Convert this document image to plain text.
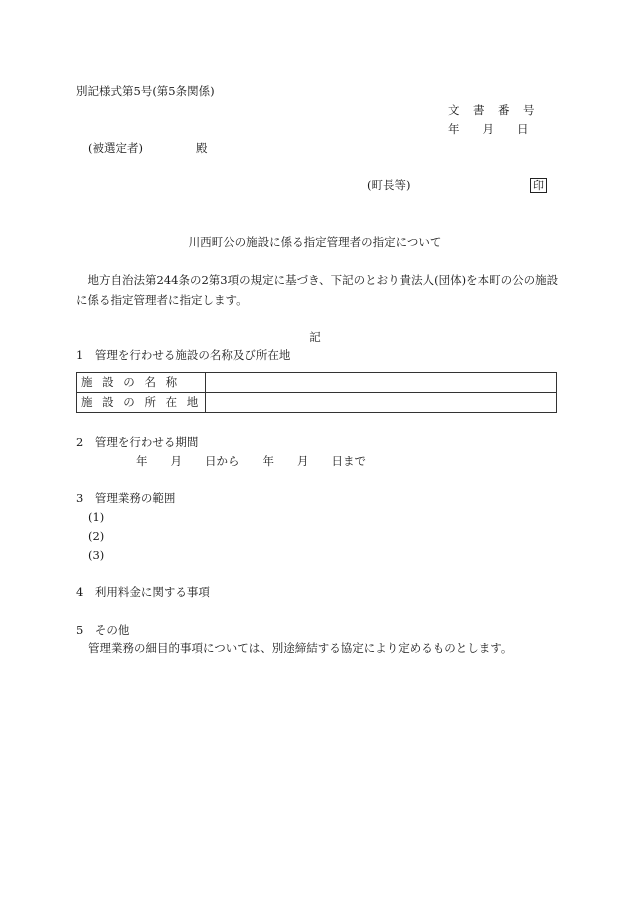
別記様式第5号(第5条関係)
文　書　番　号
年　　月　　日
(被選定者)	殿
(町長等)	印
川西町公の施設に係る指定管理者の指定について
　地方自治法第244条の2第3項の規定に基づき、下記のとおり貴法人(団体)を本町の公の施設に係る指定管理者に指定します。
記
1　管理を行わせる施設の名称及び所在地
施 設 の 名 称	
施 設 の 所 在 地	
2　管理を行わせる期間
年　　月　　日から　　年　　月　　日まで
3　管理業務の範囲
(1)
(2)
(3)
4　利用料金に関する事項
5　その他
管理業務の細目的事項については、別途締結する協定により定めるものとします。
